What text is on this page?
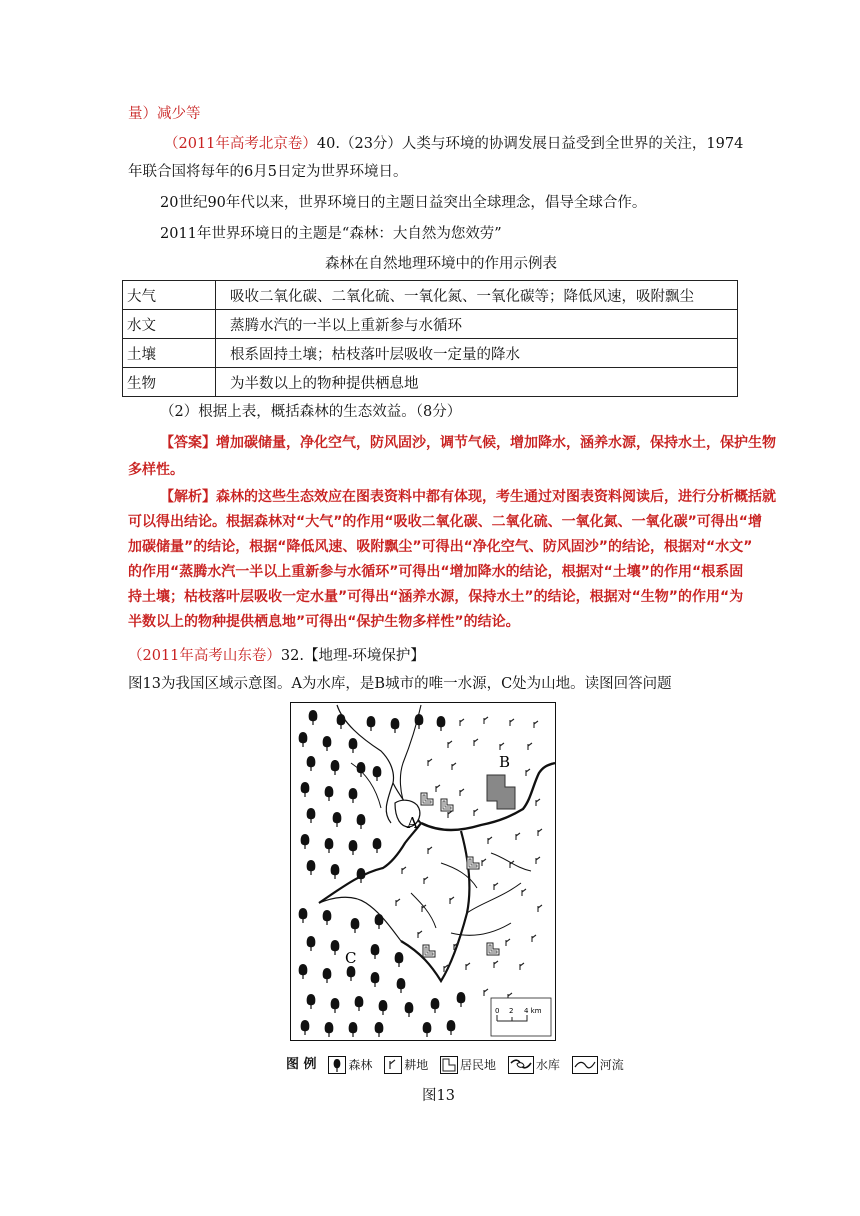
量）减少等
（2011年高考北京卷）40.（23分）人类与环境的协调发展日益受到全世界的关注，1974
年联合国将每年的6月5日定为世界环境日。
20世纪90年代以来，世界环境日的主题日益突出全球理念，倡导全球合作。
2011年世界环境日的主题是“森林：大自然为您效劳”
森林在自然地理环境中的作用示例表
大气	吸收二氧化碳、二氧化硫、一氧化氮、一氧化碳等；降低风速，吸附飘尘
水文	蒸腾水汽的一半以上重新参与水循环
土壤	根系固持土壤；枯枝落叶层吸收一定量的降水
生物	为半数以上的物种提供栖息地
（2）根据上表，概括森林的生态效益。（8分）
【答案】增加碳储量，净化空气，防风固沙，调节气候，增加降水，涵养水源，保持水土，保护生物
多样性。
【解析】森林的这些生态效应在图表资料中都有体现，考生通过对图表资料阅读后，进行分析概括就
可以得出结论。根据森林对“大气”的作用“吸收二氧化碳、二氧化硫、一氧化氮、一氧化碳”可得出“增
加碳储量”的结论，根据“降低风速、吸附飘尘”可得出“净化空气、防风固沙”的结论，根据对“水文”
的作用“蒸腾水汽一半以上重新参与水循环”可得出“增加降水的结论，根据对“土壤”的作用“根系固
持土壤；枯枝落叶层吸收一定水量”可得出“涵养水源，保持水土”的结论，根据对“生物”的作用“为
半数以上的物种提供栖息地”可得出“保护生物多样性”的结论。
（2011年高考山东卷）32.【地理-环境保护】
图13为我国区域示意图。A为水库，是B城市的唯一水源，C处为山地。读图回答问题
A
B
C
0 2 4 km
图 例	森林	耕地	居民地	水库	河流
图13
